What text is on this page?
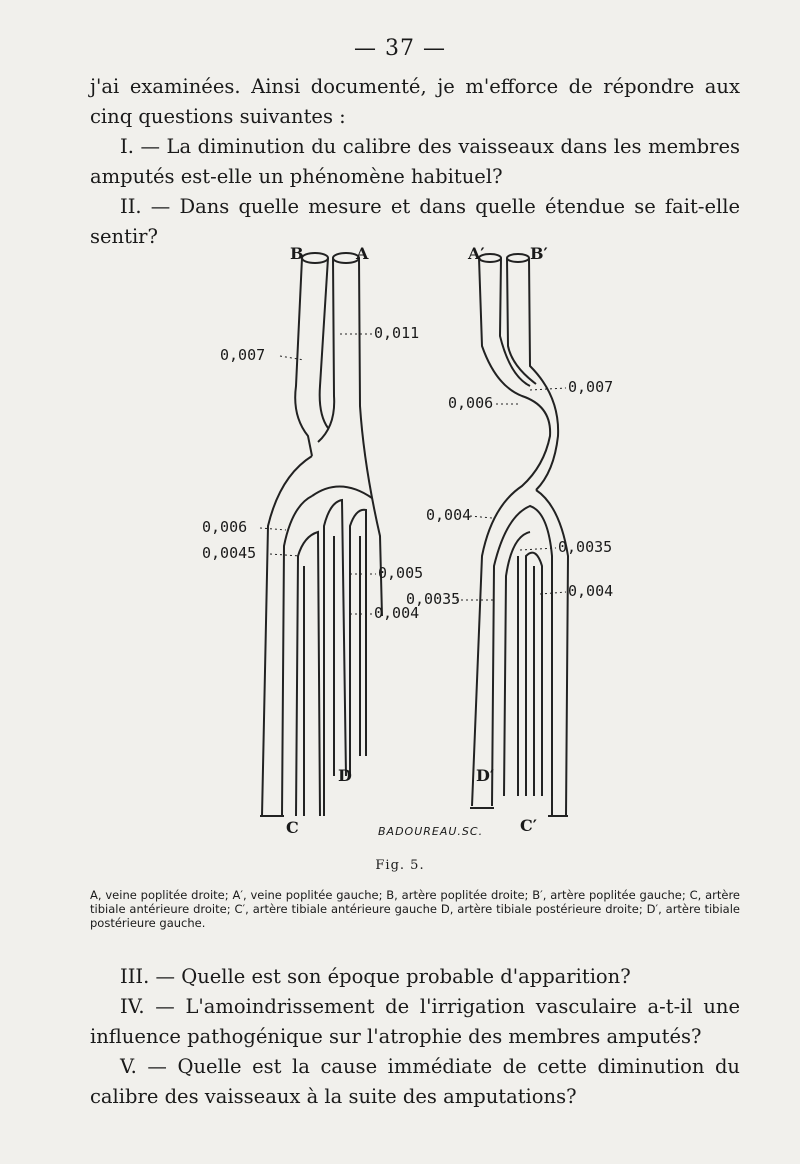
— 37 —

j'ai examinées. Ainsi documenté, je m'efforce de répondre aux cinq questions suivantes :

I. — La diminution du calibre des vaisseaux dans les membres amputés est-elle un phénomène habituel?

II. — Dans quelle mesure et dans quelle étendue se fait-elle sentir?

B	A	A′	B′
0,011
0,007
0,006
0,0045
0,005
0,004
0,007
0,006
0,004
0,0035
0,0035	0,004
D	D′
C	C′
BADOUREAU.SC.
Fig. 5.
A, veine poplitée droite; A′, veine poplitée gauche; B, artère poplitée droite; B′, artère poplitée gauche; C, artère tibiale antérieure droite; C′, artère tibiale antérieure gauche D, artère tibiale postérieure droite; D′, artère tibiale postérieure gauche.

III. — Quelle est son époque probable d'apparition?

IV. — L'amoindrissement de l'irrigation vasculaire a-t-il une influence pathogénique sur l'atrophie des membres amputés?

V. — Quelle est la cause immédiate de cette diminution du calibre des vaisseaux à la suite des amputations?
